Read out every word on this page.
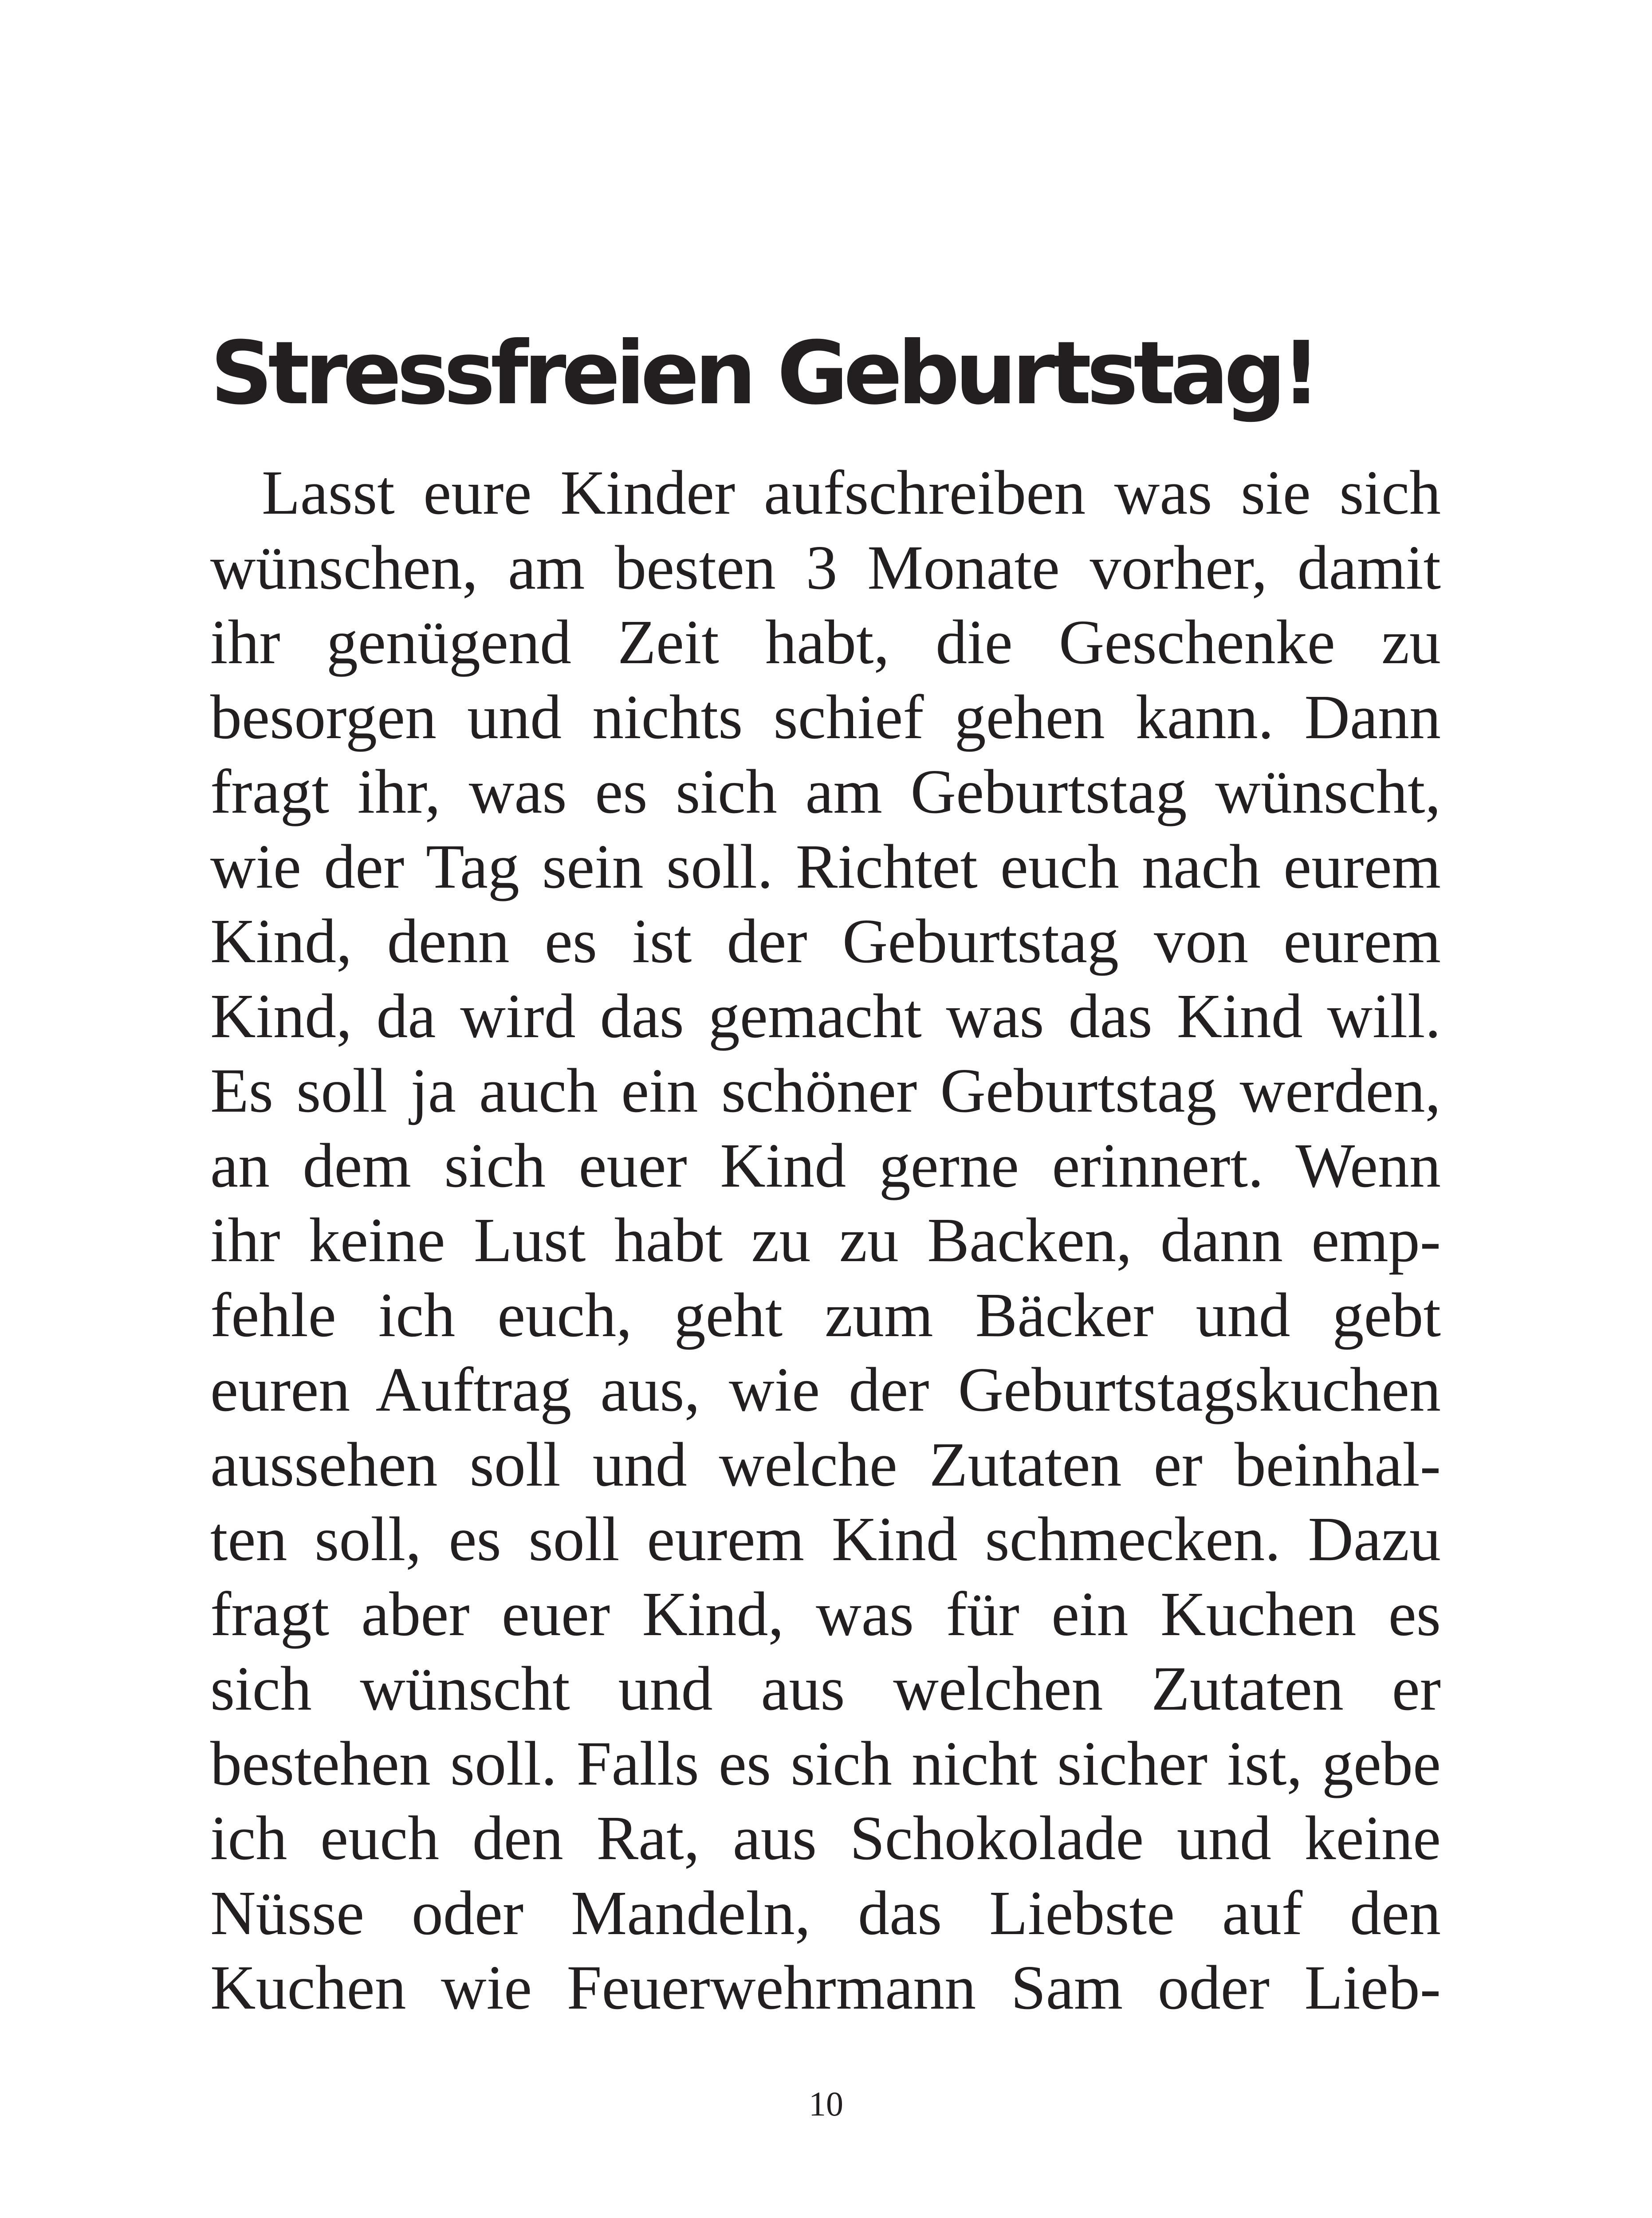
Stressfreien Geburtstag!
Lasst eure Kinder aufschreiben was sie sich
wünschen, am besten 3 Monate vorher, damit
ihr genügend Zeit habt, die Geschenke zu
besorgen und nichts schief gehen kann. Dann
fragt ihr, was es sich am Geburtstag wünscht,
wie der Tag sein soll. Richtet euch nach eurem
Kind, denn es ist der Geburtstag von eurem
Kind, da wird das gemacht was das Kind will.
Es soll ja auch ein schöner Geburtstag werden,
an dem sich euer Kind gerne erinnert. Wenn
ihr keine Lust habt zu zu Backen, dann emp-
fehle ich euch, geht zum Bäcker und gebt
euren Auftrag aus, wie der Geburtstagskuchen
aussehen soll und welche Zutaten er beinhal-
ten soll, es soll eurem Kind schmecken. Dazu
fragt aber euer Kind, was für ein Kuchen es
sich wünscht und aus welchen Zutaten er
bestehen soll. Falls es sich nicht sicher ist, gebe
ich euch den Rat, aus Schokolade und keine
Nüsse oder Mandeln, das Liebste auf den
Kuchen wie Feuerwehrmann Sam oder Lieb-
10
